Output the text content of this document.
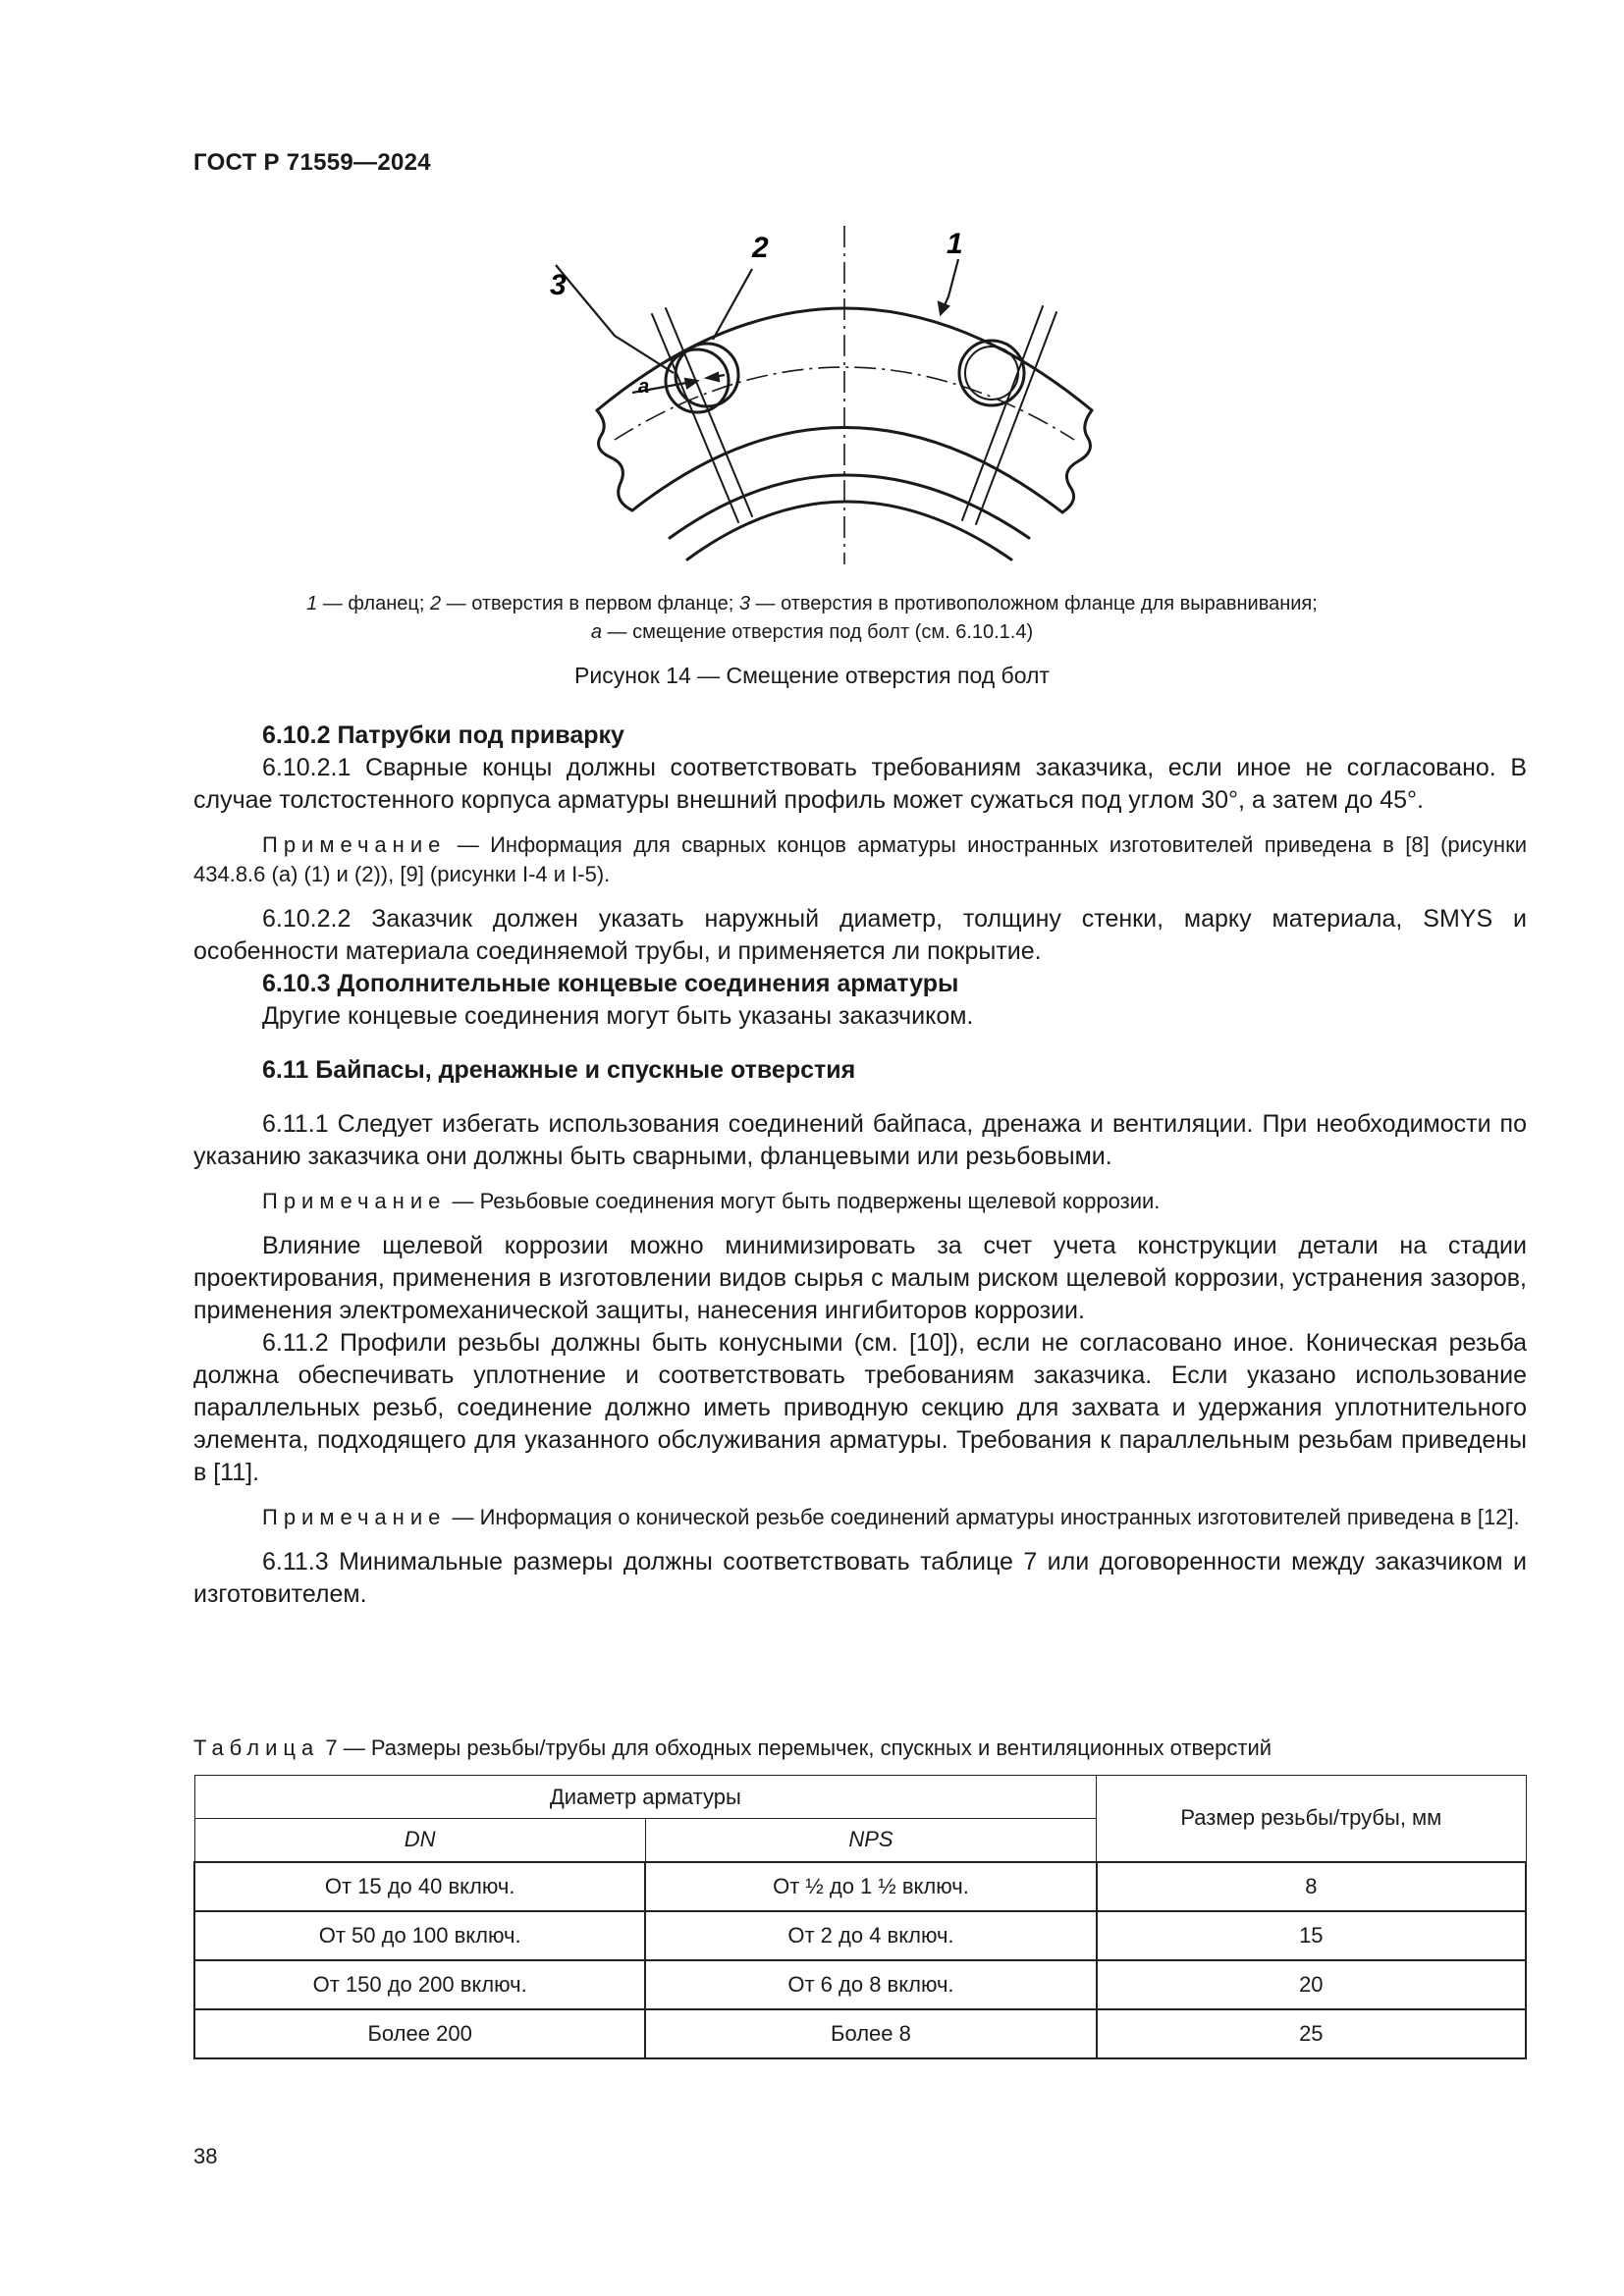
ГОСТ Р 71559—2024
2	1
3
a
1 — фланец; 2 — отверстия в первом фланце; 3 — отверстия в противоположном фланце для выравнивания;
а — смещение отверстия под болт (см. 6.10.1.4)
Рисунок 14 — Смещение отверстия под болт
6.10.2 Патрубки под приварку

6.10.2.1 Сварные концы должны соответствовать требованиям заказчика, если иное не согласовано. В случае толстостенного корпуса арматуры внешний профиль может сужаться под углом 30°, а затем до 45°.

Примечание — Информация для сварных концов арматуры иностранных изготовителей приведена в [8] (рисунки 434.8.6 (а) (1) и (2)), [9] (рисунки I-4 и I-5).

6.10.2.2 Заказчик должен указать наружный диаметр, толщину стенки, марку материала, SMYS и особенности материала соединяемой трубы, и применяется ли покрытие.

6.10.3 Дополнительные концевые соединения арматуры

Другие концевые соединения могут быть указаны заказчиком.

6.11 Байпасы, дренажные и спускные отверстия

6.11.1 Следует избегать использования соединений байпаса, дренажа и вентиляции. При необходимости по указанию заказчика они должны быть сварными, фланцевыми или резьбовыми.

Примечание — Резьбовые соединения могут быть подвержены щелевой коррозии.

Влияние щелевой коррозии можно минимизировать за счет учета конструкции детали на стадии проектирования, применения в изготовлении видов сырья с малым риском щелевой коррозии, устранения зазоров, применения электромеханической защиты, нанесения ингибиторов коррозии.

6.11.2 Профили резьбы должны быть конусными (см. [10]), если не согласовано иное. Коническая резьба должна обеспечивать уплотнение и соответствовать требованиям заказчика. Если указано использование параллельных резьб, соединение должно иметь приводную секцию для захвата и удержания уплотнительного элемента, подходящего для указанного обслуживания арматуры. Требования к параллельным резьбам приведены в [11].

Примечание — Информация о конической резьбе соединений арматуры иностранных изготовителей приведена в [12].

6.11.3 Минимальные размеры должны соответствовать таблице 7 или договоренности между заказчиком и изготовителем.

Таблица 7 — Размеры резьбы/трубы для обходных перемычек, спускных и вентиляционных отверстий
Диаметр арматуры		Размер резьбы/трубы, мм
DN	NPS	
От 15 до 40 включ.	От ½ до 1 ½ включ.	8
От 50 до 100 включ.	От 2 до 4 включ.	15
От 150 до 200 включ.	От 6 до 8 включ.	20
Более 200	Более 8	25
38
